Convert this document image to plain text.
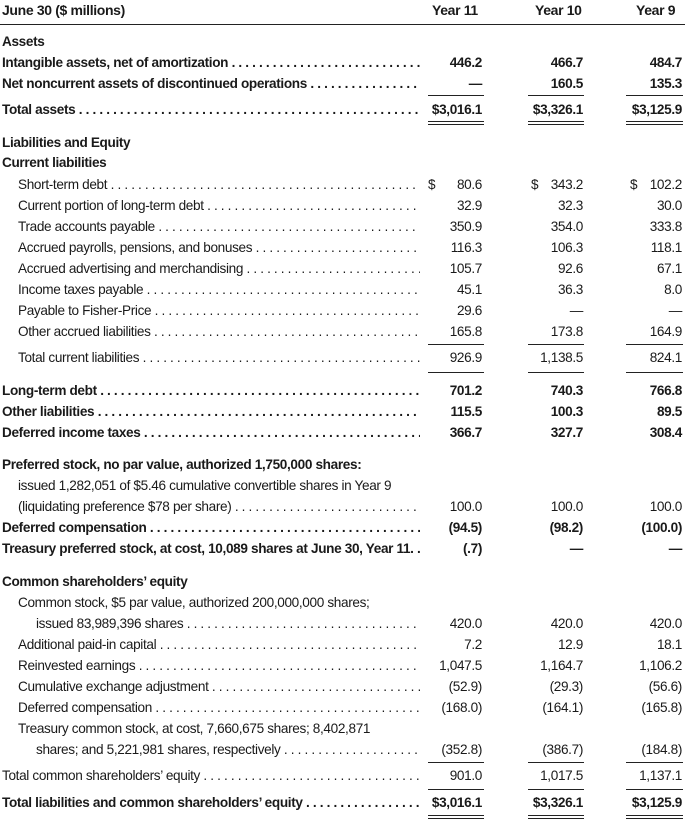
June 30 ($ millions)	Year 11	Year 10	Year 9
Assets
Intangible assets, net of amortization . . .	446.2	466.7	484.7
Net noncurrent assets of discontinued operations . . .	—	160.5	135.3
Total assets . . .	$3,016.1	$3,326.1	$3,125.9
Liabilities and Equity
Current liabilities
Short-term debt . . .	$	80.6	$ 343.2	$ 102.2
Current portion of long-term debt . . .	32.9	32.3	30.0
Trade accounts payable . . .	350.9	354.0	333.8
Accrued payrolls, pensions, and bonuses . . .	116.3	106.3	118.1
Accrued advertising and merchandising . . .	105.7	92.6	67.1
Income taxes payable . . .	45.1	36.3	8.0
Payable to Fisher-Price . . .	29.6	—	—
Other accrued liabilities . . .	165.8	173.8	164.9
Total current liabilities . . .	926.9	1,138.5	824.1
Long-term debt . . .	701.2	740.3	766.8
Other liabilities . . .	115.5	100.3	89.5
Deferred income taxes . . .	366.7	327.7	308.4
Preferred stock, no par value, authorized 1,750,000 shares:
issued 1,282,051 of $5.46 cumulative convertible shares in Year 9
(liquidating preference $78 per share) . . .	100.0	100.0	100.0
Deferred compensation . . .	(94.5)	(98.2)	(100.0)
Treasury preferred stock, at cost, 10,089 shares at June 30, Year 11. .	(.7)	—	—
Common shareholders’ equity
Common stock, $5 par value, authorized 200,000,000 shares;
issued 83,989,396 shares . . .	420.0	420.0	420.0
Additional paid-in capital . . .	7.2	12.9	18.1
Reinvested earnings . . .	1,047.5	1,164.7	1,106.2
Cumulative exchange adjustment . . .	(52.9)	(29.3)	(56.6)
Deferred compensation . . .	(168.0)	(164.1)	(165.8)
Treasury common stock, at cost, 7,660,675 shares; 8,402,871
shares; and 5,221,981 shares, respectively . . .	(352.8)	(386.7)	(184.8)
Total common shareholders’ equity . . .	901.0	1,017.5	1,137.1
Total liabilities and common shareholders’ equity . . .	$3,016.1	$3,326.1	$3,125.9
